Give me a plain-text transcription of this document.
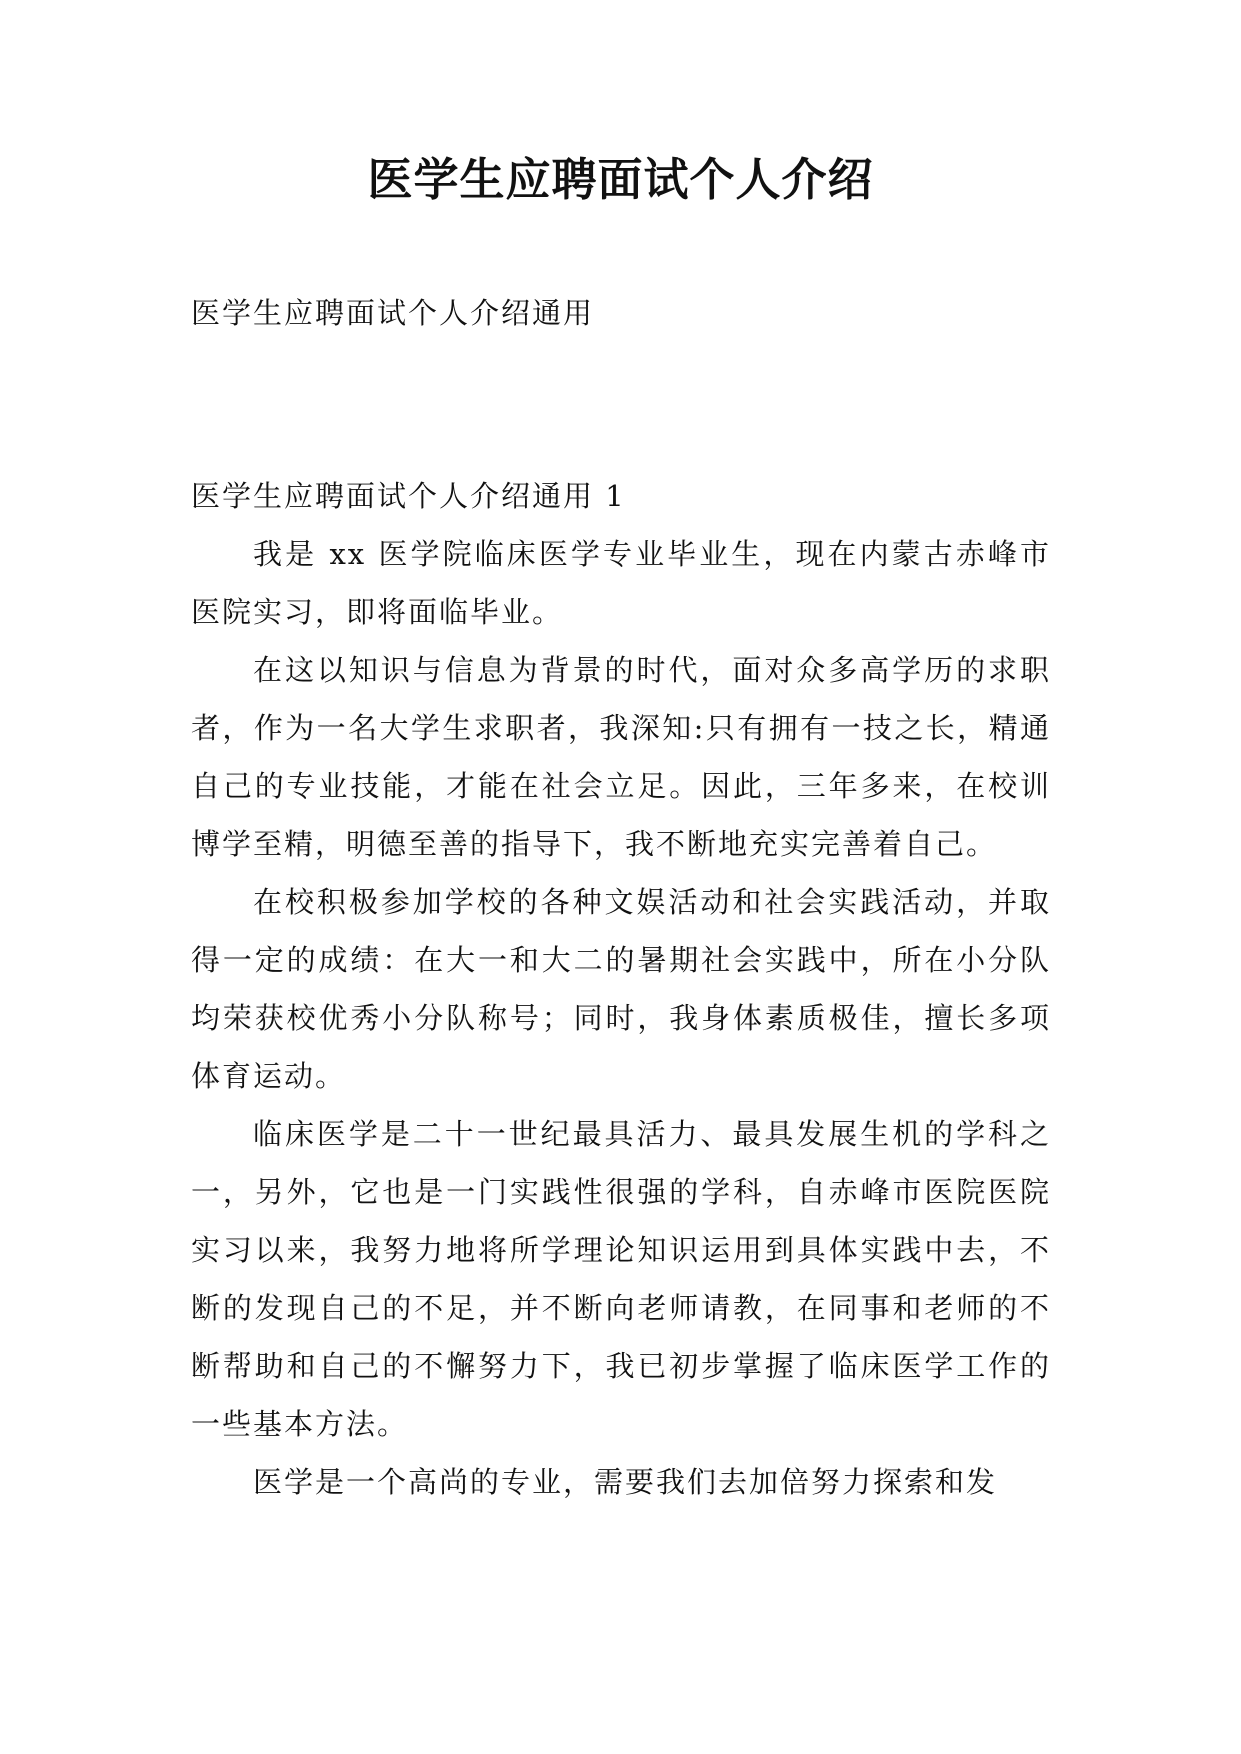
医学生应聘面试个人介绍

医学生应聘面试个人介绍通用

医学生应聘面试个人介绍通用 1

我是 xx 医学院临床医学专业毕业生，现在内蒙古赤峰市医院实习，即将面临毕业。

在这以知识与信息为背景的时代，面对众多高学历的求职者，作为一名大学生求职者，我深知:只有拥有一技之长，精通自己的专业技能，才能在社会立足。因此，三年多来，在校训博学至精，明德至善的指导下，我不断地充实完善着自己。

在校积极参加学校的各种文娱活动和社会实践活动，并取得一定的成绩：在大一和大二的暑期社会实践中，所在小分队均荣获校优秀小分队称号；同时，我身体素质极佳，擅长多项体育运动。

临床医学是二十一世纪最具活力、最具发展生机的学科之一，另外，它也是一门实践性很强的学科，自赤峰市医院医院实习以来，我努力地将所学理论知识运用到具体实践中去，不断的发现自己的不足，并不断向老师请教，在同事和老师的不断帮助和自己的不懈努力下，我已初步掌握了临床医学工作的一些基本方法。

医学是一个高尚的专业，需要我们去加倍努力探索和发
